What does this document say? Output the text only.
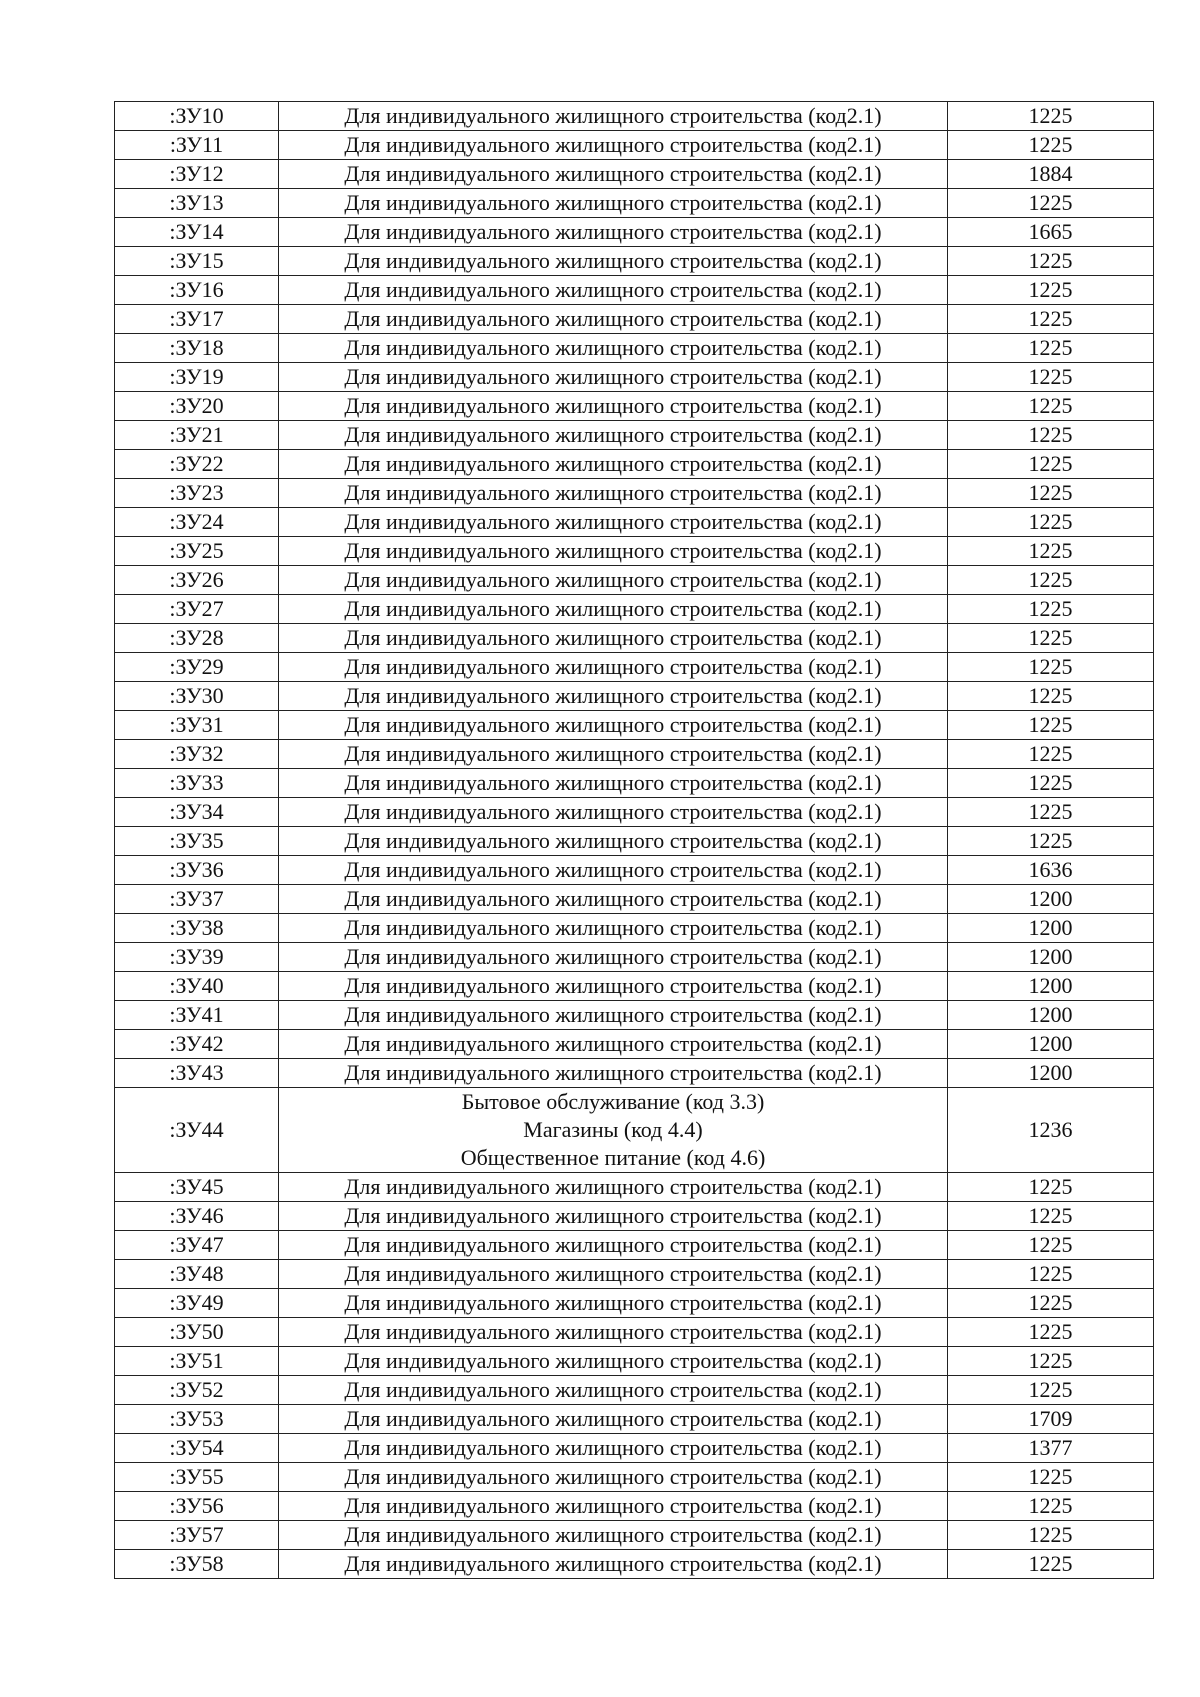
:ЗУ10	Для индивидуального жилищного строительства (код2.1)	1225
:ЗУ11	Для индивидуального жилищного строительства (код2.1)	1225
:ЗУ12	Для индивидуального жилищного строительства (код2.1)	1884
:ЗУ13	Для индивидуального жилищного строительства (код2.1)	1225
:ЗУ14	Для индивидуального жилищного строительства (код2.1)	1665
:ЗУ15	Для индивидуального жилищного строительства (код2.1)	1225
:ЗУ16	Для индивидуального жилищного строительства (код2.1)	1225
:ЗУ17	Для индивидуального жилищного строительства (код2.1)	1225
:ЗУ18	Для индивидуального жилищного строительства (код2.1)	1225
:ЗУ19	Для индивидуального жилищного строительства (код2.1)	1225
:ЗУ20	Для индивидуального жилищного строительства (код2.1)	1225
:ЗУ21	Для индивидуального жилищного строительства (код2.1)	1225
:ЗУ22	Для индивидуального жилищного строительства (код2.1)	1225
:ЗУ23	Для индивидуального жилищного строительства (код2.1)	1225
:ЗУ24	Для индивидуального жилищного строительства (код2.1)	1225
:ЗУ25	Для индивидуального жилищного строительства (код2.1)	1225
:ЗУ26	Для индивидуального жилищного строительства (код2.1)	1225
:ЗУ27	Для индивидуального жилищного строительства (код2.1)	1225
:ЗУ28	Для индивидуального жилищного строительства (код2.1)	1225
:ЗУ29	Для индивидуального жилищного строительства (код2.1)	1225
:ЗУ30	Для индивидуального жилищного строительства (код2.1)	1225
:ЗУ31	Для индивидуального жилищного строительства (код2.1)	1225
:ЗУ32	Для индивидуального жилищного строительства (код2.1)	1225
:ЗУ33	Для индивидуального жилищного строительства (код2.1)	1225
:ЗУ34	Для индивидуального жилищного строительства (код2.1)	1225
:ЗУ35	Для индивидуального жилищного строительства (код2.1)	1225
:ЗУ36	Для индивидуального жилищного строительства (код2.1)	1636
:ЗУ37	Для индивидуального жилищного строительства (код2.1)	1200
:ЗУ38	Для индивидуального жилищного строительства (код2.1)	1200
:ЗУ39	Для индивидуального жилищного строительства (код2.1)	1200
:ЗУ40	Для индивидуального жилищного строительства (код2.1)	1200
:ЗУ41	Для индивидуального жилищного строительства (код2.1)	1200
:ЗУ42	Для индивидуального жилищного строительства (код2.1)	1200
:ЗУ43	Для индивидуального жилищного строительства (код2.1)	1200
:ЗУ44	Бытовое обслуживание (код 3.3)
Магазины (код 4.4)
Общественное питание (код 4.6)	1236
:ЗУ45	Для индивидуального жилищного строительства (код2.1)	1225
:ЗУ46	Для индивидуального жилищного строительства (код2.1)	1225
:ЗУ47	Для индивидуального жилищного строительства (код2.1)	1225
:ЗУ48	Для индивидуального жилищного строительства (код2.1)	1225
:ЗУ49	Для индивидуального жилищного строительства (код2.1)	1225
:ЗУ50	Для индивидуального жилищного строительства (код2.1)	1225
:ЗУ51	Для индивидуального жилищного строительства (код2.1)	1225
:ЗУ52	Для индивидуального жилищного строительства (код2.1)	1225
:ЗУ53	Для индивидуального жилищного строительства (код2.1)	1709
:ЗУ54	Для индивидуального жилищного строительства (код2.1)	1377
:ЗУ55	Для индивидуального жилищного строительства (код2.1)	1225
:ЗУ56	Для индивидуального жилищного строительства (код2.1)	1225
:ЗУ57	Для индивидуального жилищного строительства (код2.1)	1225
:ЗУ58	Для индивидуального жилищного строительства (код2.1)	1225
